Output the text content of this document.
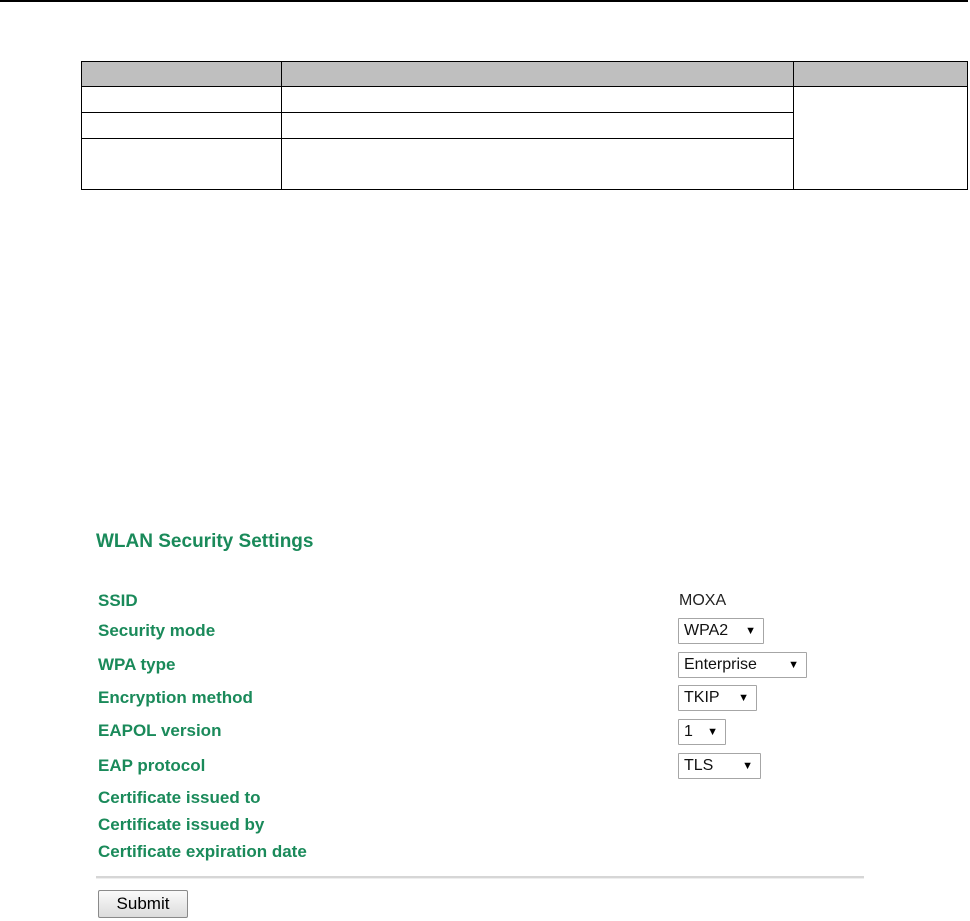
WLAN Security Settings
SSID	MOXA
Security mode	WPA2 ▼
WPA type	Enterprise	▼
Encryption method	TKIP ▼
EAPOL version	1 ▼
EAP protocol	TLS	▼
Certificate issued to
Certificate issued by
Certificate expiration date
Submit
